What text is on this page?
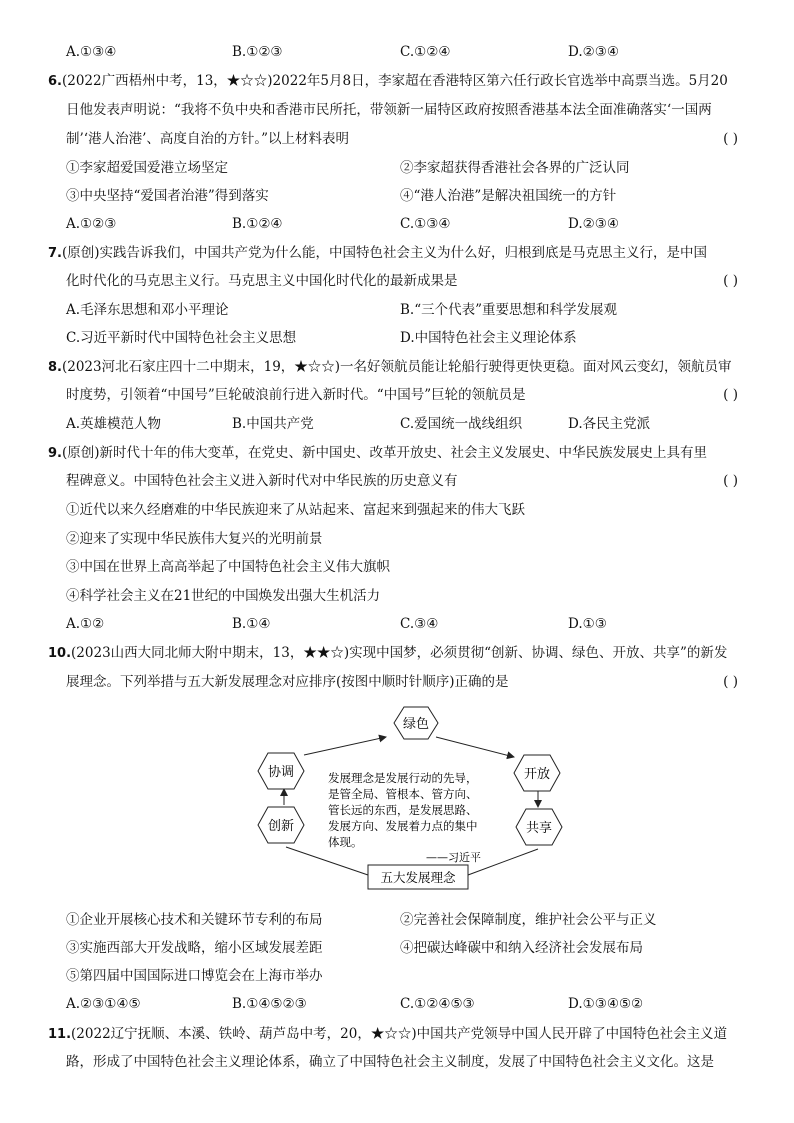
A.①③④	B.①②③	C.①②④	D.②③④
6.(2022广西梧州中考，13，★☆☆)2022年5月8日，李家超在香港特区第六任行政长官选举中高票当选。5月20
日他发表声明说：“我将不负中央和香港市民所托，带领新一届特区政府按照香港基本法全面准确落实‘一国两
制’‘港人治港’、高度自治的方针。”以上材料表明	( )
①李家超爱国爱港立场坚定	②李家超获得香港社会各界的广泛认同
③中央坚持“爱国者治港”得到落实	④“港人治港”是解决祖国统一的方针
A.①②③	B.①②④	C.①③④	D.②③④
7.(原创)实践告诉我们，中国共产党为什么能，中国特色社会主义为什么好，归根到底是马克思主义行，是中国
化时代化的马克思主义行。马克思主义中国化时代化的最新成果是	( )
A.毛泽东思想和邓小平理论	B.“三个代表”重要思想和科学发展观
C.习近平新时代中国特色社会主义思想	D.中国特色社会主义理论体系
8.(2023河北石家庄四十二中期末，19，★☆☆)一名好领航员能让轮船行驶得更快更稳。面对风云变幻，领航员审
时度势，引领着“中国号”巨轮破浪前行进入新时代。“中国号”巨轮的领航员是	( )
A.英雄模范人物	B.中国共产党	C.爱国统一战线组织	D.各民主党派
9.(原创)新时代十年的伟大变革，在党史、新中国史、改革开放史、社会主义发展史、中华民族发展史上具有里
程碑意义。中国特色社会主义进入新时代对中华民族的历史意义有	( )
①近代以来久经磨难的中华民族迎来了从站起来、富起来到强起来的伟大飞跃
②迎来了实现中华民族伟大复兴的光明前景
③中国在世界上高高举起了中国特色社会主义伟大旗帜
④科学社会主义在21世纪的中国焕发出强大生机活力
A.①②	B.①④	C.③④	D.①③
10.(2023山西大同北师大附中期末，13，★★☆)实现中国梦，必须贯彻“创新、协调、绿色、开放、共享”的新发
展理念。下列举措与五大新发展理念对应排序(按图中顺时针顺序)正确的是	( )
绿色
协调	开放
创新	共享
发展理念是发展行动的先导，
是管全局、管根本、管方向、
管长远的东西，是发展思路、
发展方向、发展着力点的集中
体现。
——习近平
五大发展理念
①企业开展核心技术和关键环节专利的布局	②完善社会保障制度，维护社会公平与正义
③实施西部大开发战略，缩小区域发展差距	④把碳达峰碳中和纳入经济社会发展布局
⑤第四届中国国际进口博览会在上海市举办
A.②③①④⑤	B.①④⑤②③	C.①②④⑤③	D.①③④⑤②
11.(2022辽宁抚顺、本溪、铁岭、葫芦岛中考，20，★☆☆)中国共产党领导中国人民开辟了中国特色社会主义道
路，形成了中国特色社会主义理论体系，确立了中国特色社会主义制度，发展了中国特色社会主义文化。这是
